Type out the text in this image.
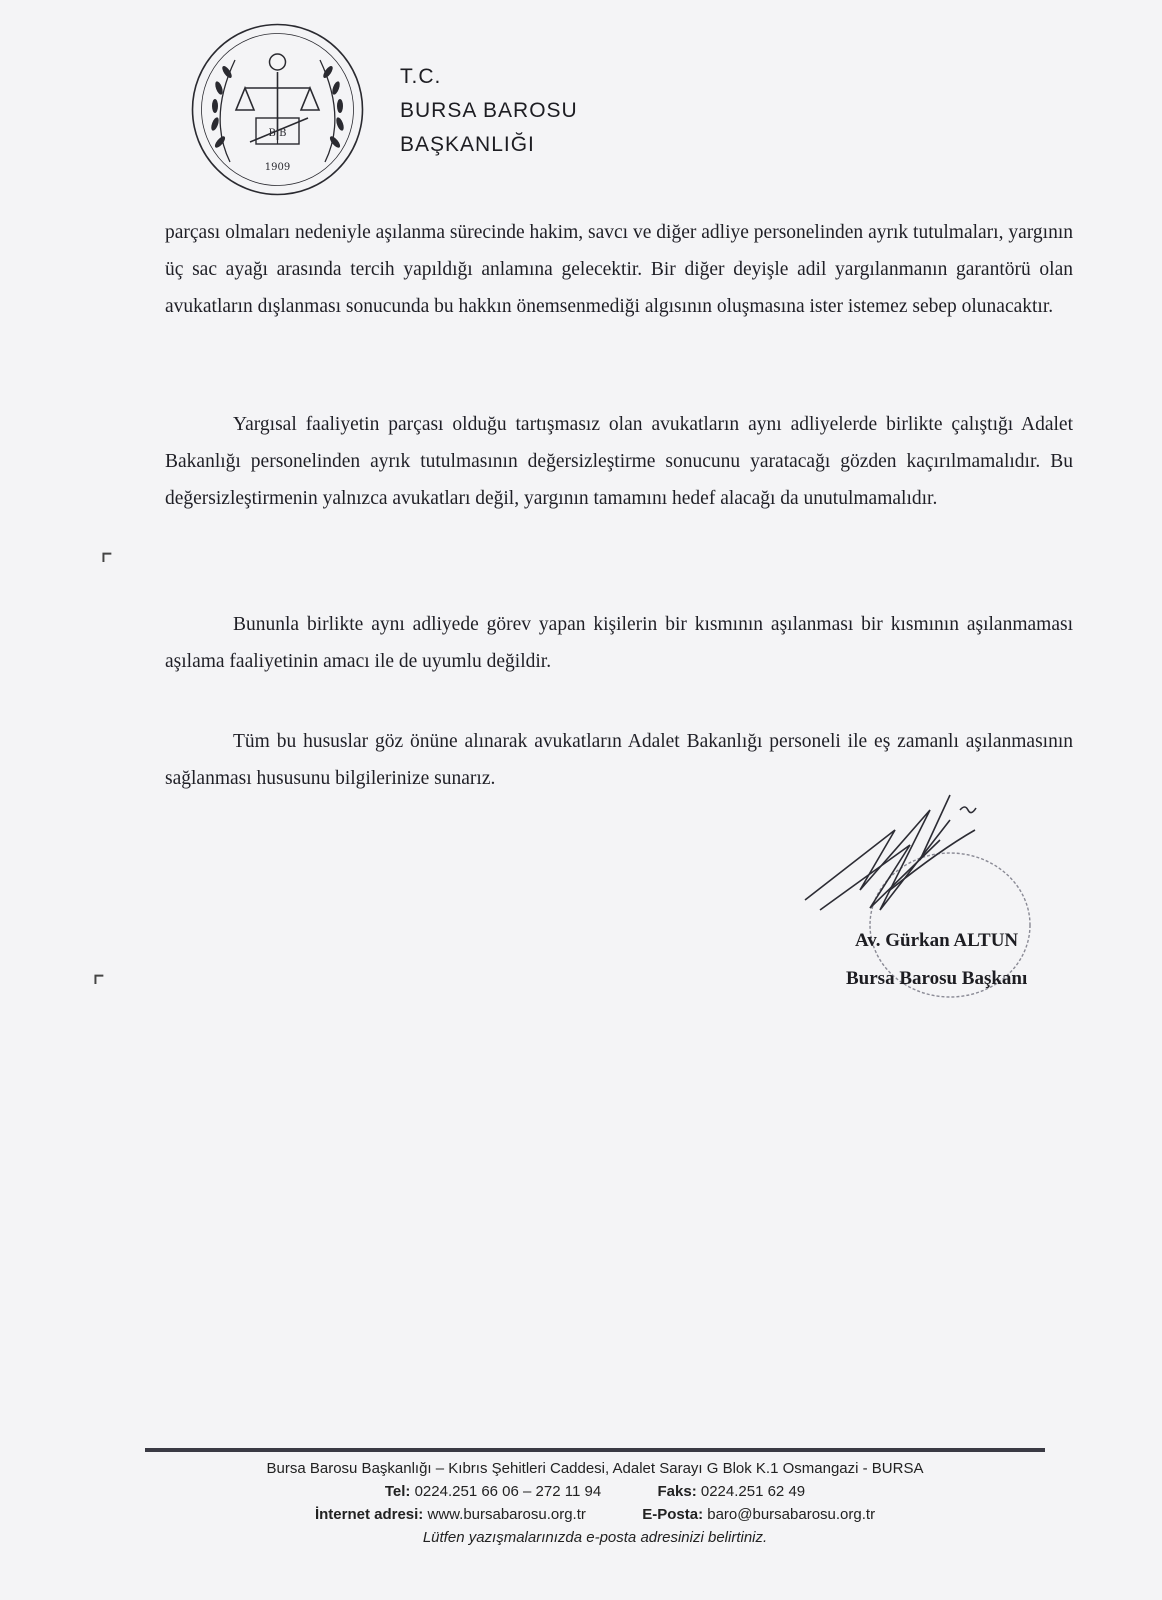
B B
1909
T.C.
BURSA BAROSU
BAŞKANLIĞI

parçası olmaları nedeniyle aşılanma sürecinde hakim, savcı ve diğer adliye personelinden ayrık tutulmaları, yargının üç sac ayağı arasında tercih yapıldığı anlamına gelecektir. Bir diğer deyişle adil yargılanmanın garantörü olan avukatların dışlanması sonucunda bu hakkın önemsenmediği algısının oluşmasına ister istemez sebep olunacaktır.

Yargısal faaliyetin parçası olduğu tartışmasız olan avukatların aynı adliyelerde birlikte çalıştığı Adalet Bakanlığı personelinden ayrık tutulmasının değersizleştirme sonucunu yaratacağı gözden kaçırılmamalıdır. Bu değersizleştirmenin yalnızca avukatları değil, yargının tamamını hedef alacağı da unutulmamalıdır.

Bununla birlikte aynı adliyede görev yapan kişilerin bir kısmının aşılanması bir kısmının aşılanmaması aşılama faaliyetinin amacı ile de uyumlu değildir.

Tüm bu hususlar göz önüne alınarak avukatların Adalet Bakanlığı personeli ile eş zamanlı aşılanmasının sağlanması hususunu bilgilerinize sunarız.

Av. Gürkan ALTUN
Bursa Barosu Başkanı
⌜
⌜
Bursa Barosu Başkanlığı – Kıbrıs Şehitleri Caddesi, Adalet Sarayı G Blok K.1 Osmangazi - BURSA
Tel: 0224.251 66 06 – 272 11 94	Faks: 0224.251 62 49
İnternet adresi: www.bursabarosu.org.tr	E-Posta: baro@bursabarosu.org.tr
Lütfen yazışmalarınızda e-posta adresinizi belirtiniz.
